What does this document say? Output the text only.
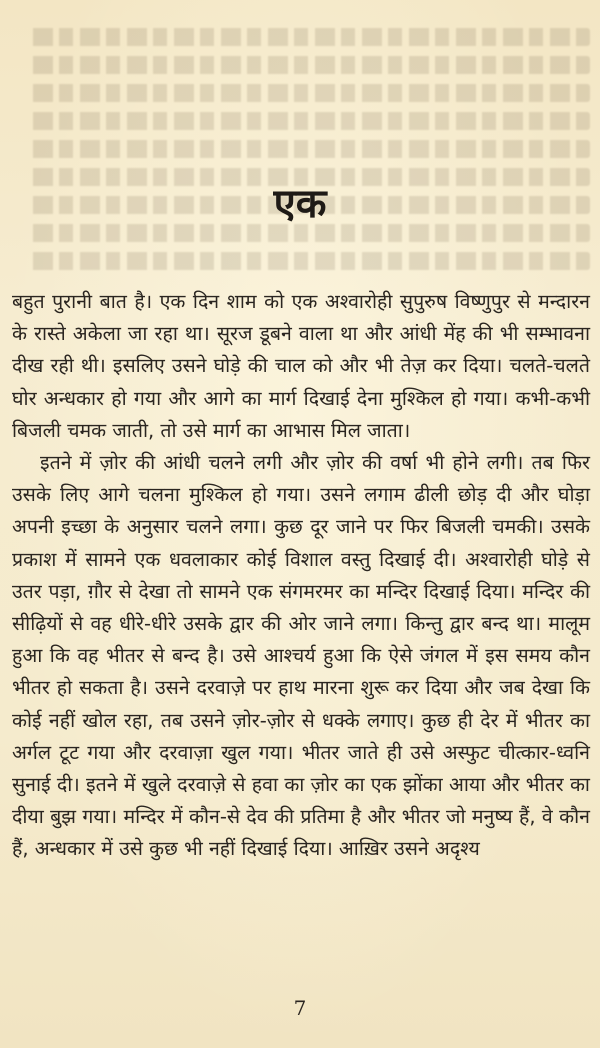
एक

बहुत पुरानी बात है। एक दिन शाम को एक अश्वारोही सुपुरुष विष्णुपुर से मन्दारन के रास्ते अकेला जा रहा था। सूरज डूबने वाला था और आंधी मेंह की भी सम्भावना दीख रही थी। इसलिए उसने घोड़े की चाल को और भी तेज़ कर दिया। चलते-चलते घोर अन्धकार हो गया और आगे का मार्ग दिखाई देना मुश्किल हो गया। कभी-कभी बिजली चमक जाती, तो उसे मार्ग का आभास मिल जाता।

इतने में ज़ोर की आंधी चलने लगी और ज़ोर की वर्षा भी होने लगी। तब फिर उसके लिए आगे चलना मुश्किल हो गया। उसने लगाम ढीली छोड़ दी और घोड़ा अपनी इच्छा के अनुसार चलने लगा। कुछ दूर जाने पर फिर बिजली चमकी। उसके प्रकाश में सामने एक धवलाकार कोई विशाल वस्तु दिखाई दी। अश्वारोही घोड़े से उतर पड़ा, ग़ौर से देखा तो सामने एक संगमरमर का मन्दिर दिखाई दिया। मन्दिर की सीढ़ियों से वह धीरे-धीरे उसके द्वार की ओर जाने लगा। किन्तु द्वार बन्द था। मालूम हुआ कि वह भीतर से बन्द है। उसे आश्चर्य हुआ कि ऐसे जंगल में इस समय कौन भीतर हो सकता है। उसने दरवाज़े पर हाथ मारना शुरू कर दिया और जब देखा कि कोई नहीं खोल रहा, तब उसने ज़ोर-ज़ोर से धक्के लगाए। कुछ ही देर में भीतर का अर्गल टूट गया और दरवाज़ा खुल गया। भीतर जाते ही उसे अस्फुट चीत्कार-ध्वनि सुनाई दी। इतने में खुले दरवाज़े से हवा का ज़ोर का एक झोंका आया और भीतर का दीया बुझ गया। मन्दिर में कौन-से देव की प्रतिमा है और भीतर जो मनुष्य हैं, वे कौन हैं, अन्धकार में उसे कुछ भी नहीं दिखाई दिया। आख़िर उसने अदृश्य

7
